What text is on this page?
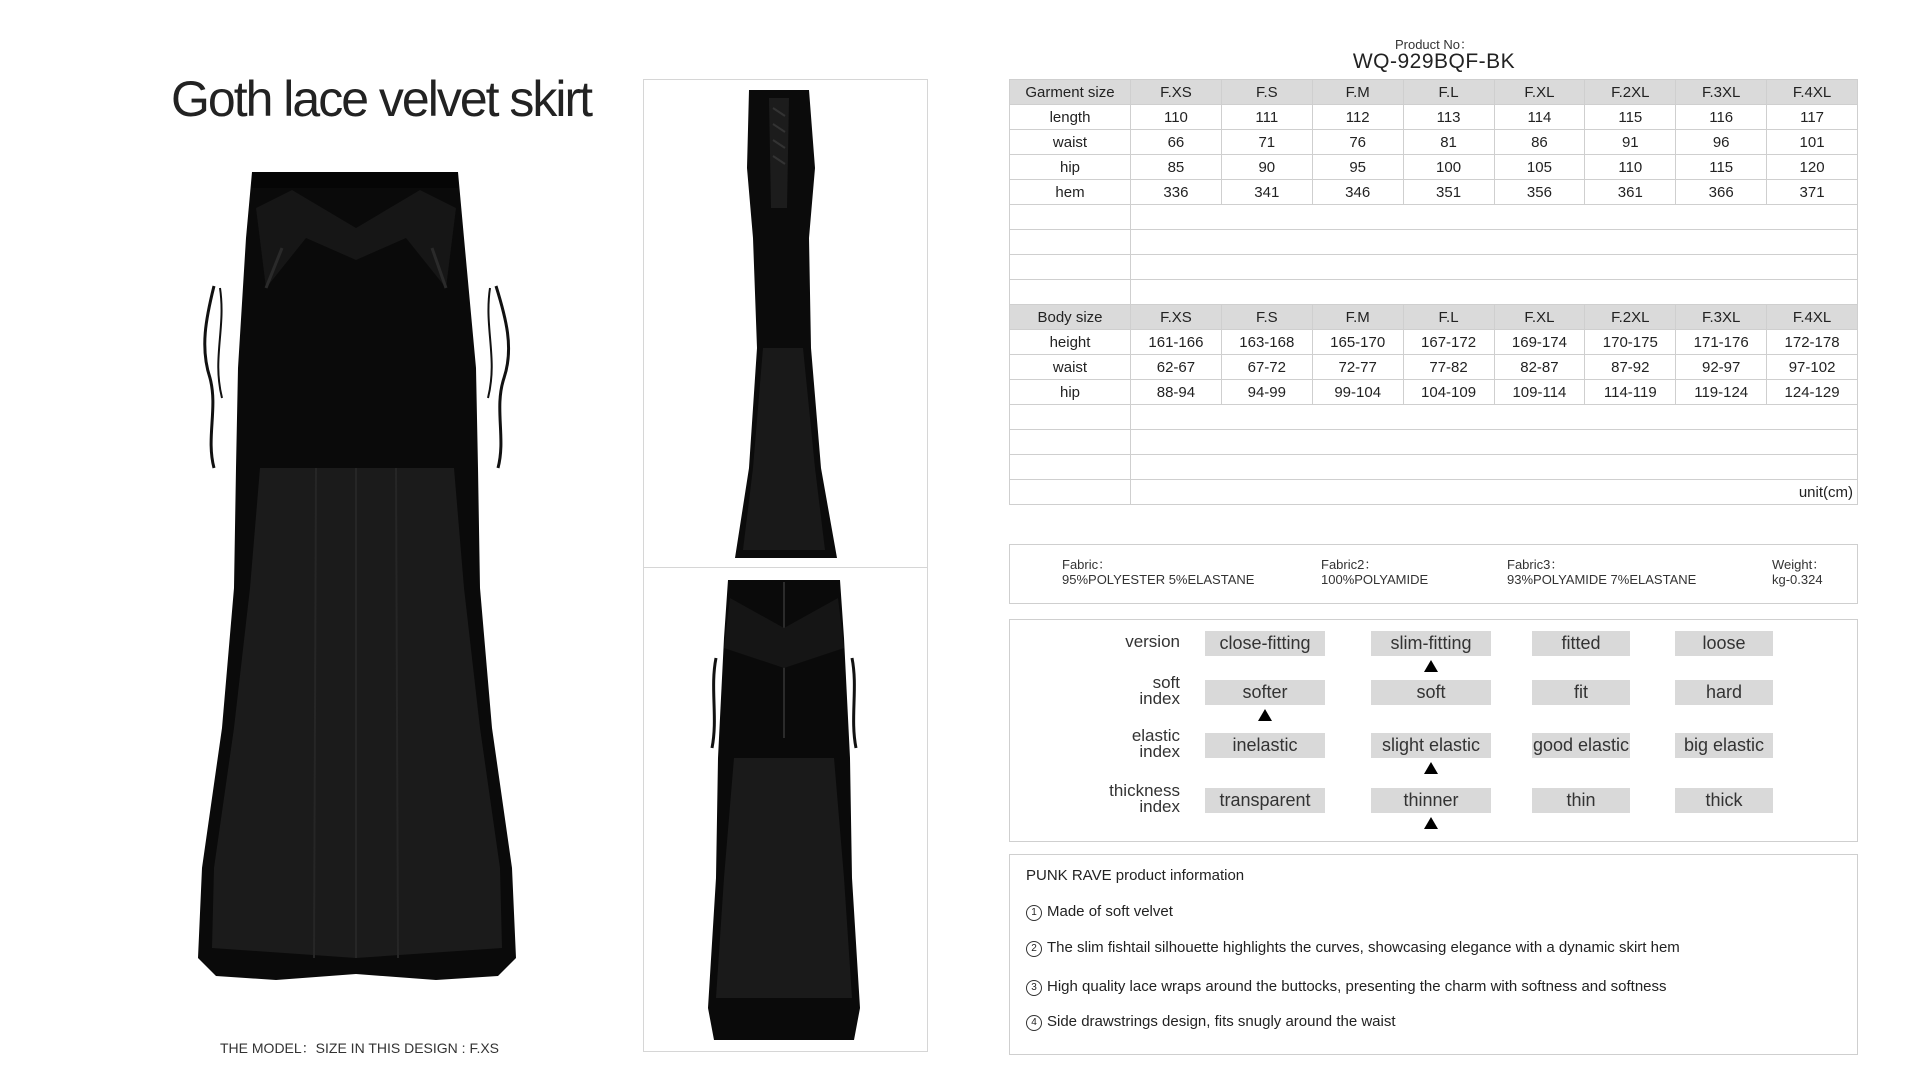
Goth lace velvet skirt
THE MODEL：SIZE IN THIS DESIGN : F.XS
Product No：
WQ-929BQF-BK
Garment size	F.XS	F.S	F.M	F.L	F.XL	F.2XL	F.3XL	F.4XL
length	110	111	112	113	114	115	116	117
waist	66	71	76	81	86	91	96	101
hip	85	90	95	100	105	110	115	120
hem	336	341	346	351	356	361	366	371

Body size	F.XS	F.S	F.M	F.L	F.XL	F.2XL	F.3XL	F.4XL
height	161-166	163-168	165-170	167-172	169-174	170-175	171-176	172-178
waist	62-67	67-72	72-77	77-82	82-87	87-92	92-97	97-102
hip	88-94	94-99	99-104	104-109	109-114	114-119	119-124	124-129

	unit(cm)							
Fabric：
95%POLYESTER 5%ELASTANE
Fabric2：
100%POLYAMIDE
Fabric3：
93%POLYAMIDE 7%ELASTANE
Weight：
kg-0.324
version	close-fitting	slim-fitting	fitted	loose
soft
index	softer	soft	fit	hard
elastic
index	inelastic	slight elastic	good elastic	big elastic
thickness
index	transparent	thinner	thin	thick
PUNK RAVE product information
1 Made of soft velvet
2 The slim fishtail silhouette highlights the curves, showcasing elegance with a dynamic skirt hem
3 High quality lace wraps around the buttocks, presenting the charm with softness and softness
4 Side drawstrings design, fits snugly around the waist
